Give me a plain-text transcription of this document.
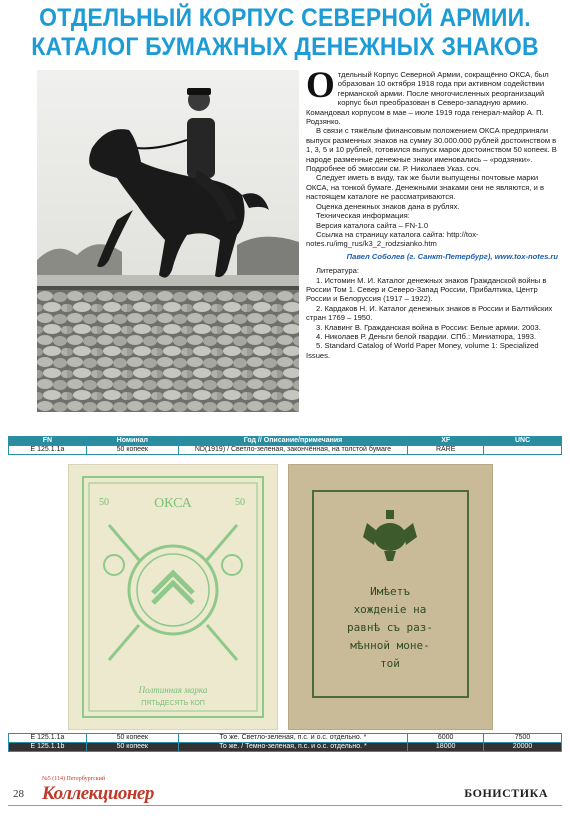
ОТДЕЛЬНЫЙ КОРПУС СЕВЕРНОЙ АРМИИ.
КАТАЛОГ БУМАЖНЫХ ДЕНЕЖНЫХ ЗНАКОВ
О тдельный Корпус Северной Армии, сокращённо ОКСА, был образован 10 октября 1918 года при активном содействии германской армии. После многочисленных реорганизаций корпус был преобразован в Северо-западную армию. Командовал корпусом в мае – июле 1919 года генерал-майор А. П. Родзянко.

В связи с тяжёлым финансовым положением ОКСА предприняли выпуск разменных знаков на сумму 30.000.000 рублей достоинством в 1, 3, 5 и 10 рублей, готовился выпуск марок достоинством 50 копеек. В народе разменные денежные знаки именовались – «родзянки». Подробнее об эмиссии см. Р. Николаев Указ. соч.

Следует иметь в виду, так же были выпущены почтовые марки ОКСА, на тонкой бумаге. Денежными знаками они не являются, и в настоящем каталоге не рассматриваются.

Оценка денежных знаков дана в рублях.

Техническая информация:

Версия каталога сайта – FN-1.0

Ссылка на страницу каталога сайта: http://tox-notes.ru/img_rus/k3_2_rodzsianko.htm

Павел Соболев (г. Санкт-Петербург), www.tox-notes.ru

Литература:

1. Истомин М. И. Каталог денежных знаков Гражданской войны в России Том 1. Север и Северо-Запад России, Прибалтика, Центр России и Белоруссия (1917 – 1922).

2. Кардаков Н. И. Каталог денежных знаков в России и Балтийских стран 1769 – 1950.

3. Клавинг В. Гражданская война в России: Белые армии. 2003.

4. Николаев Р. Деньги белой гвардии. СПб.: Миниатюра, 1993.

5. Standard Catalog of World Paper Money, volume 1: Specialized Issues.

FN	Номинал	Год // Описание/примечания	XF	UNC
E 125.1.1a	50 копеек	ND(1919) / Светло-зеленая, закончённая, на толстой бумаге	RARE	
ОКСА
50	50
Полтинная марка
ПЯТЬДЕСЯТЬ КОП
Имѣетъ
хожденіе на
равнѣ съ раз-
мѣнной моне-
той
E 125.1.1a	50 копеек	То же. Светло-зеленая, п.с. и о.с. отдельно. *	6000	7500
E 125.1.1b	50 копеек	То же. / Темно-зеленая, п.с. и о.с. отдельно. *	18000	20000
28
№5 (114) Петербургский
Коллекционер	БОНИСТИКА
